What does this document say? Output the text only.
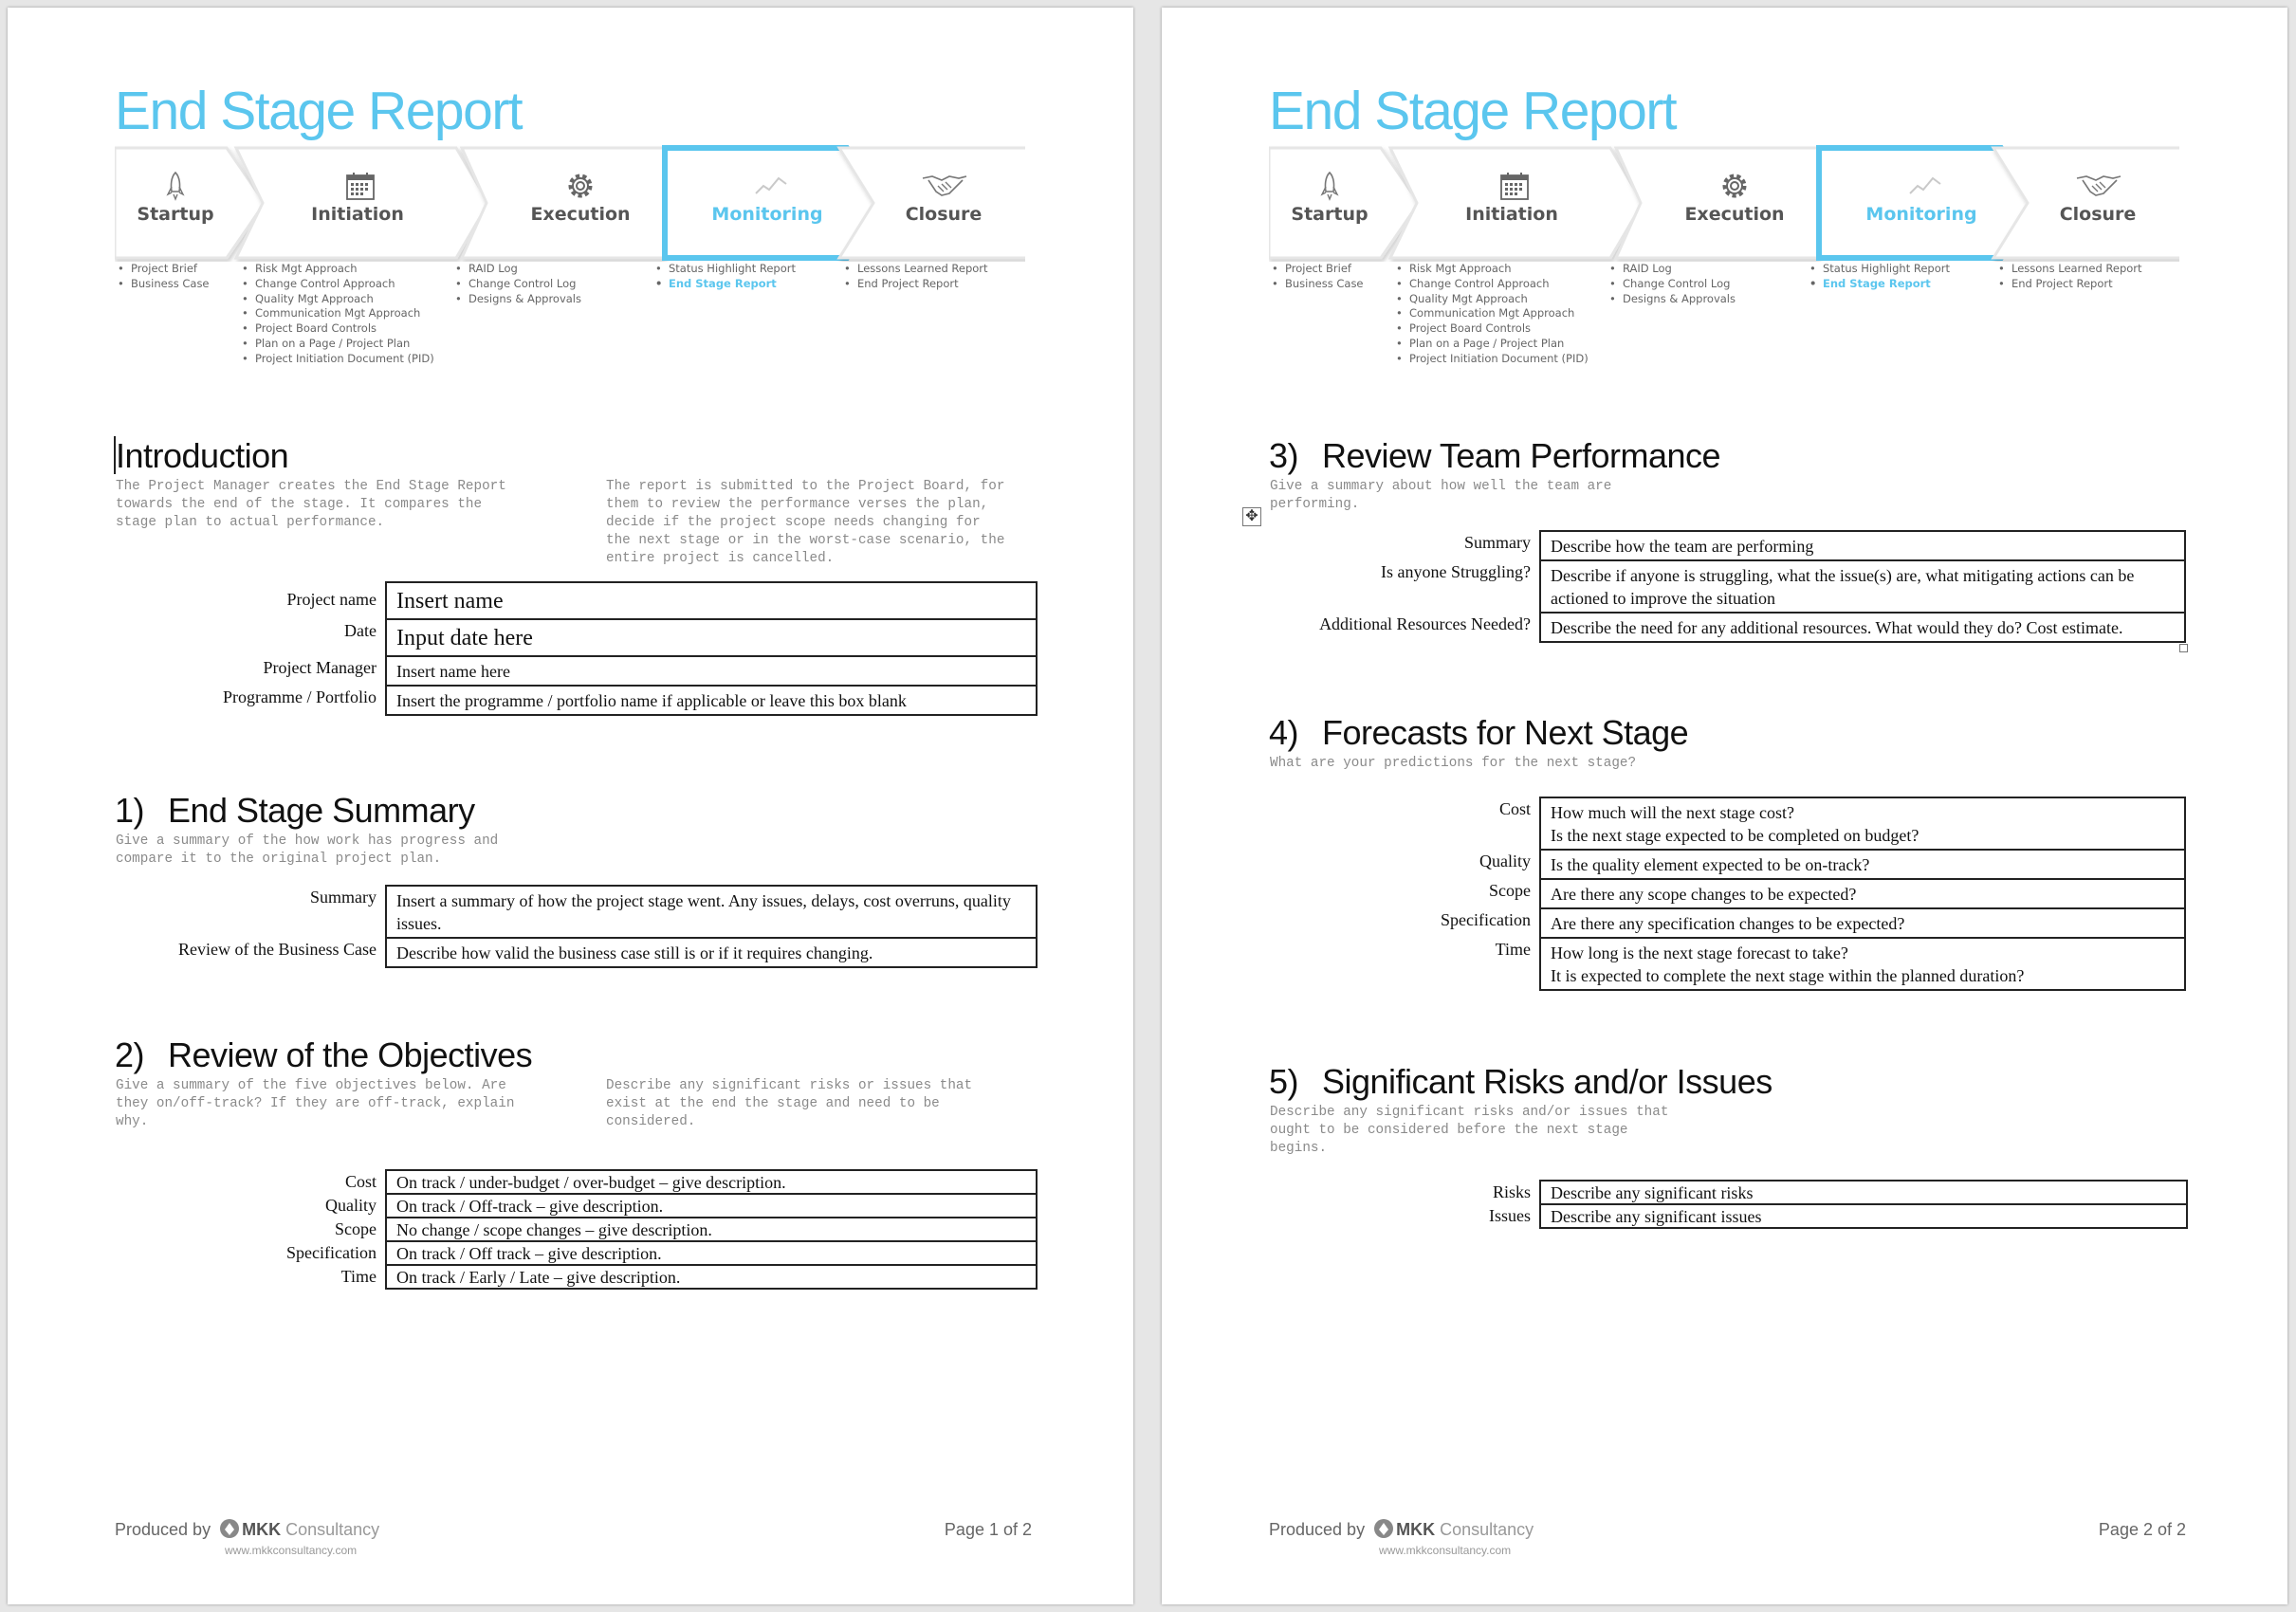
End Stage Report
Startup	Initiation	Execution	Monitoring	Closure
• Project Brief
• Business Case
• Risk Mgt Approach
• Change Control Approach
• Quality Mgt Approach
• Communication Mgt Approach
• Project Board Controls
• Plan on a Page / Project Plan
• Project Initiation Document (PID)
• RAID Log
• Change Control Log
• Designs & Approvals
• Status Highlight Report
• End Stage Report
• Lessons Learned Report
• End Project Report
Introduction

The Project Manager creates the End Stage Report
towards the end of the stage. It compares the
stage plan to actual performance.

The report is submitted to the Project Board, for
them to review the performance verses the plan,
decide if the project scope needs changing for
the next stage or in the worst-case scenario, the
entire project is cancelled.

Project name	Insert name
Date	Input date here
Project Manager	Insert name here
Programme / Portfolio	Insert the programme / portfolio name if applicable or leave this box blank
1) End Stage Summary

Give a summary of the how work has progress and
compare it to the original project plan.

Summary	Insert a summary of how the project stage went. Any issues, delays, cost overruns, quality issues.
Review of the Business Case	Describe how valid the business case still is or if it requires changing.
2) Review of the Objectives

Give a summary of the five objectives below. Are
they on/off-track? If they are off-track, explain
why.

Describe any significant risks or issues that
exist at the end the stage and need to be
considered.

Cost	On track / under-budget / over-budget – give description.
Quality	On track / Off-track – give description.
Scope	No change / scope changes – give description.
Specification	On track / Off track – give description.
Time	On track / Early / Late – give description.
Produced by MKK Consultancy
www.mkkconsultancy.com
Page 1 of 2
End Stage Report
Startup	Initiation	Execution	Monitoring	Closure
• Project Brief
• Business Case
• Risk Mgt Approach
• Change Control Approach
• Quality Mgt Approach
• Communication Mgt Approach
• Project Board Controls
• Plan on a Page / Project Plan
• Project Initiation Document (PID)
• RAID Log
• Change Control Log
• Designs & Approvals
• Status Highlight Report
• End Stage Report
• Lessons Learned Report
• End Project Report
3) Review Team Performance

Give a summary about how well the team are
performing.

✥
Summary	Describe how the team are performing
Is anyone Struggling?	Describe if anyone is struggling, what the issue(s) are, what mitigating actions can be actioned to improve the situation
Additional Resources Needed?	Describe the need for any additional resources. What would they do? Cost estimate.
4) Forecasts for Next Stage

What are your predictions for the next stage?

Cost	How much will the next stage cost?
Is the next stage expected to be completed on budget?

Quality	Is the quality element expected to be on-track?
Scope	Are there any scope changes to be expected?
Specification	Are there any specification changes to be expected?
Time	How long is the next stage forecast to take?
It is expected to complete the next stage within the planned duration?
5) Significant Risks and/or Issues

Describe any significant risks and/or issues that
ought to be considered before the next stage
begins.

Risks	Describe any significant risks
Issues	Describe any significant issues
Produced by MKK Consultancy
www.mkkconsultancy.com
Page 2 of 2
